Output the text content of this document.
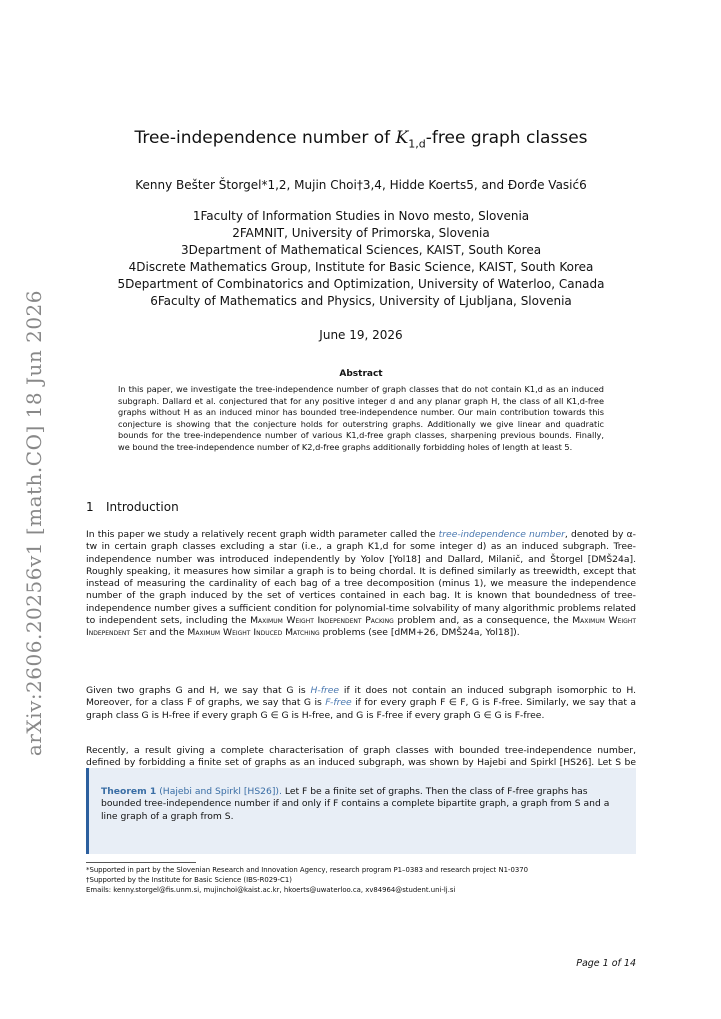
arXiv:2606.20256v1 [math.CO] 18 Jun 2026
Tree-independence number of $K_{1,d}$-free graph classes
Kenny Bešter Štorgel*1,2, Mujin Choi†3,4, Hidde Koerts5, and Đorđe Vasić6
1Faculty of Information Studies in Novo mesto, Slovenia
2FAMNIT, University of Primorska, Slovenia
3Department of Mathematical Sciences, KAIST, South Korea
4Discrete Mathematics Group, Institute for Basic Science, KAIST, South Korea
5Department of Combinatorics and Optimization, University of Waterloo, Canada
6Faculty of Mathematics and Physics, University of Ljubljana, Slovenia
June 19, 2026
Abstract
In this paper, we investigate the tree-independence number of graph classes that do not contain K1,d as an induced subgraph. Dallard et al. conjectured that for any positive integer d and any planar graph H, the class of all K1,d-free graphs without H as an induced minor has bounded tree-independence number. Our main contribution towards this conjecture is showing that the conjecture holds for outerstring graphs. Additionally we give linear and quadratic bounds for the tree-independence number of various K1,d-free graph classes, sharpening previous bounds. Finally, we bound the tree-independence number of K2,d-free graphs additionally forbidding holes of length at least 5.
1 Introduction
In this paper we study a relatively recent graph width parameter called the tree-independence number, denoted by α-tw in certain graph classes excluding a star (i.e., a graph K1,d for some integer d) as an induced subgraph. Tree-independence number was introduced independently by Yolov [Yol18] and Dallard, Milanič, and Štorgel [DMŠ24a]. Roughly speaking, it measures how similar a graph is to being chordal. It is defined similarly as treewidth, except that instead of measuring the cardinality of each bag of a tree decomposition (minus 1), we measure the independence number of the graph induced by the set of vertices contained in each bag. It is known that boundedness of tree-independence number gives a sufficient condition for polynomial-time solvability of many algorithmic problems related to independent sets, including the Maximum Weight Independent Packing problem and, as a consequence, the Maximum Weight Independent Set and the Maximum Weight Induced Matching problems (see [dMM+26, DMŠ24a, Yol18]).
Given two graphs G and H, we say that G is H-free if it does not contain an induced subgraph isomorphic to H. Moreover, for a class F of graphs, we say that G is F-free if for every graph F ∈ F, G is F-free. Similarly, we say that a graph class G is H-free if every graph G ∈ G is H-free, and G is F-free if every graph G ∈ G is F-free.
Recently, a result giving a complete characterisation of graph classes with bounded tree-independence number, defined by forbidding a finite set of graphs as an induced subgraph, was shown by Hajebi and Spirkl [HS26]. Let S be
Theorem 1 (Hajebi and Spirkl [HS26]). Let F be a finite set of graphs. Then the class of F-free graphs has bounded tree-independence number if and only if F contains a complete bipartite graph, a graph from S and a line graph of a graph from S.
*Supported in part by the Slovenian Research and Innovation Agency, research program P1–0383 and research project N1-0370
†Supported by the Institute for Basic Science (IBS-R029-C1)
Emails: kenny.storgel@fis.unm.si, mujinchoi@kaist.ac.kr, hkoerts@uwaterloo.ca, xv84964@student.uni-lj.si
Page 1 of 14
